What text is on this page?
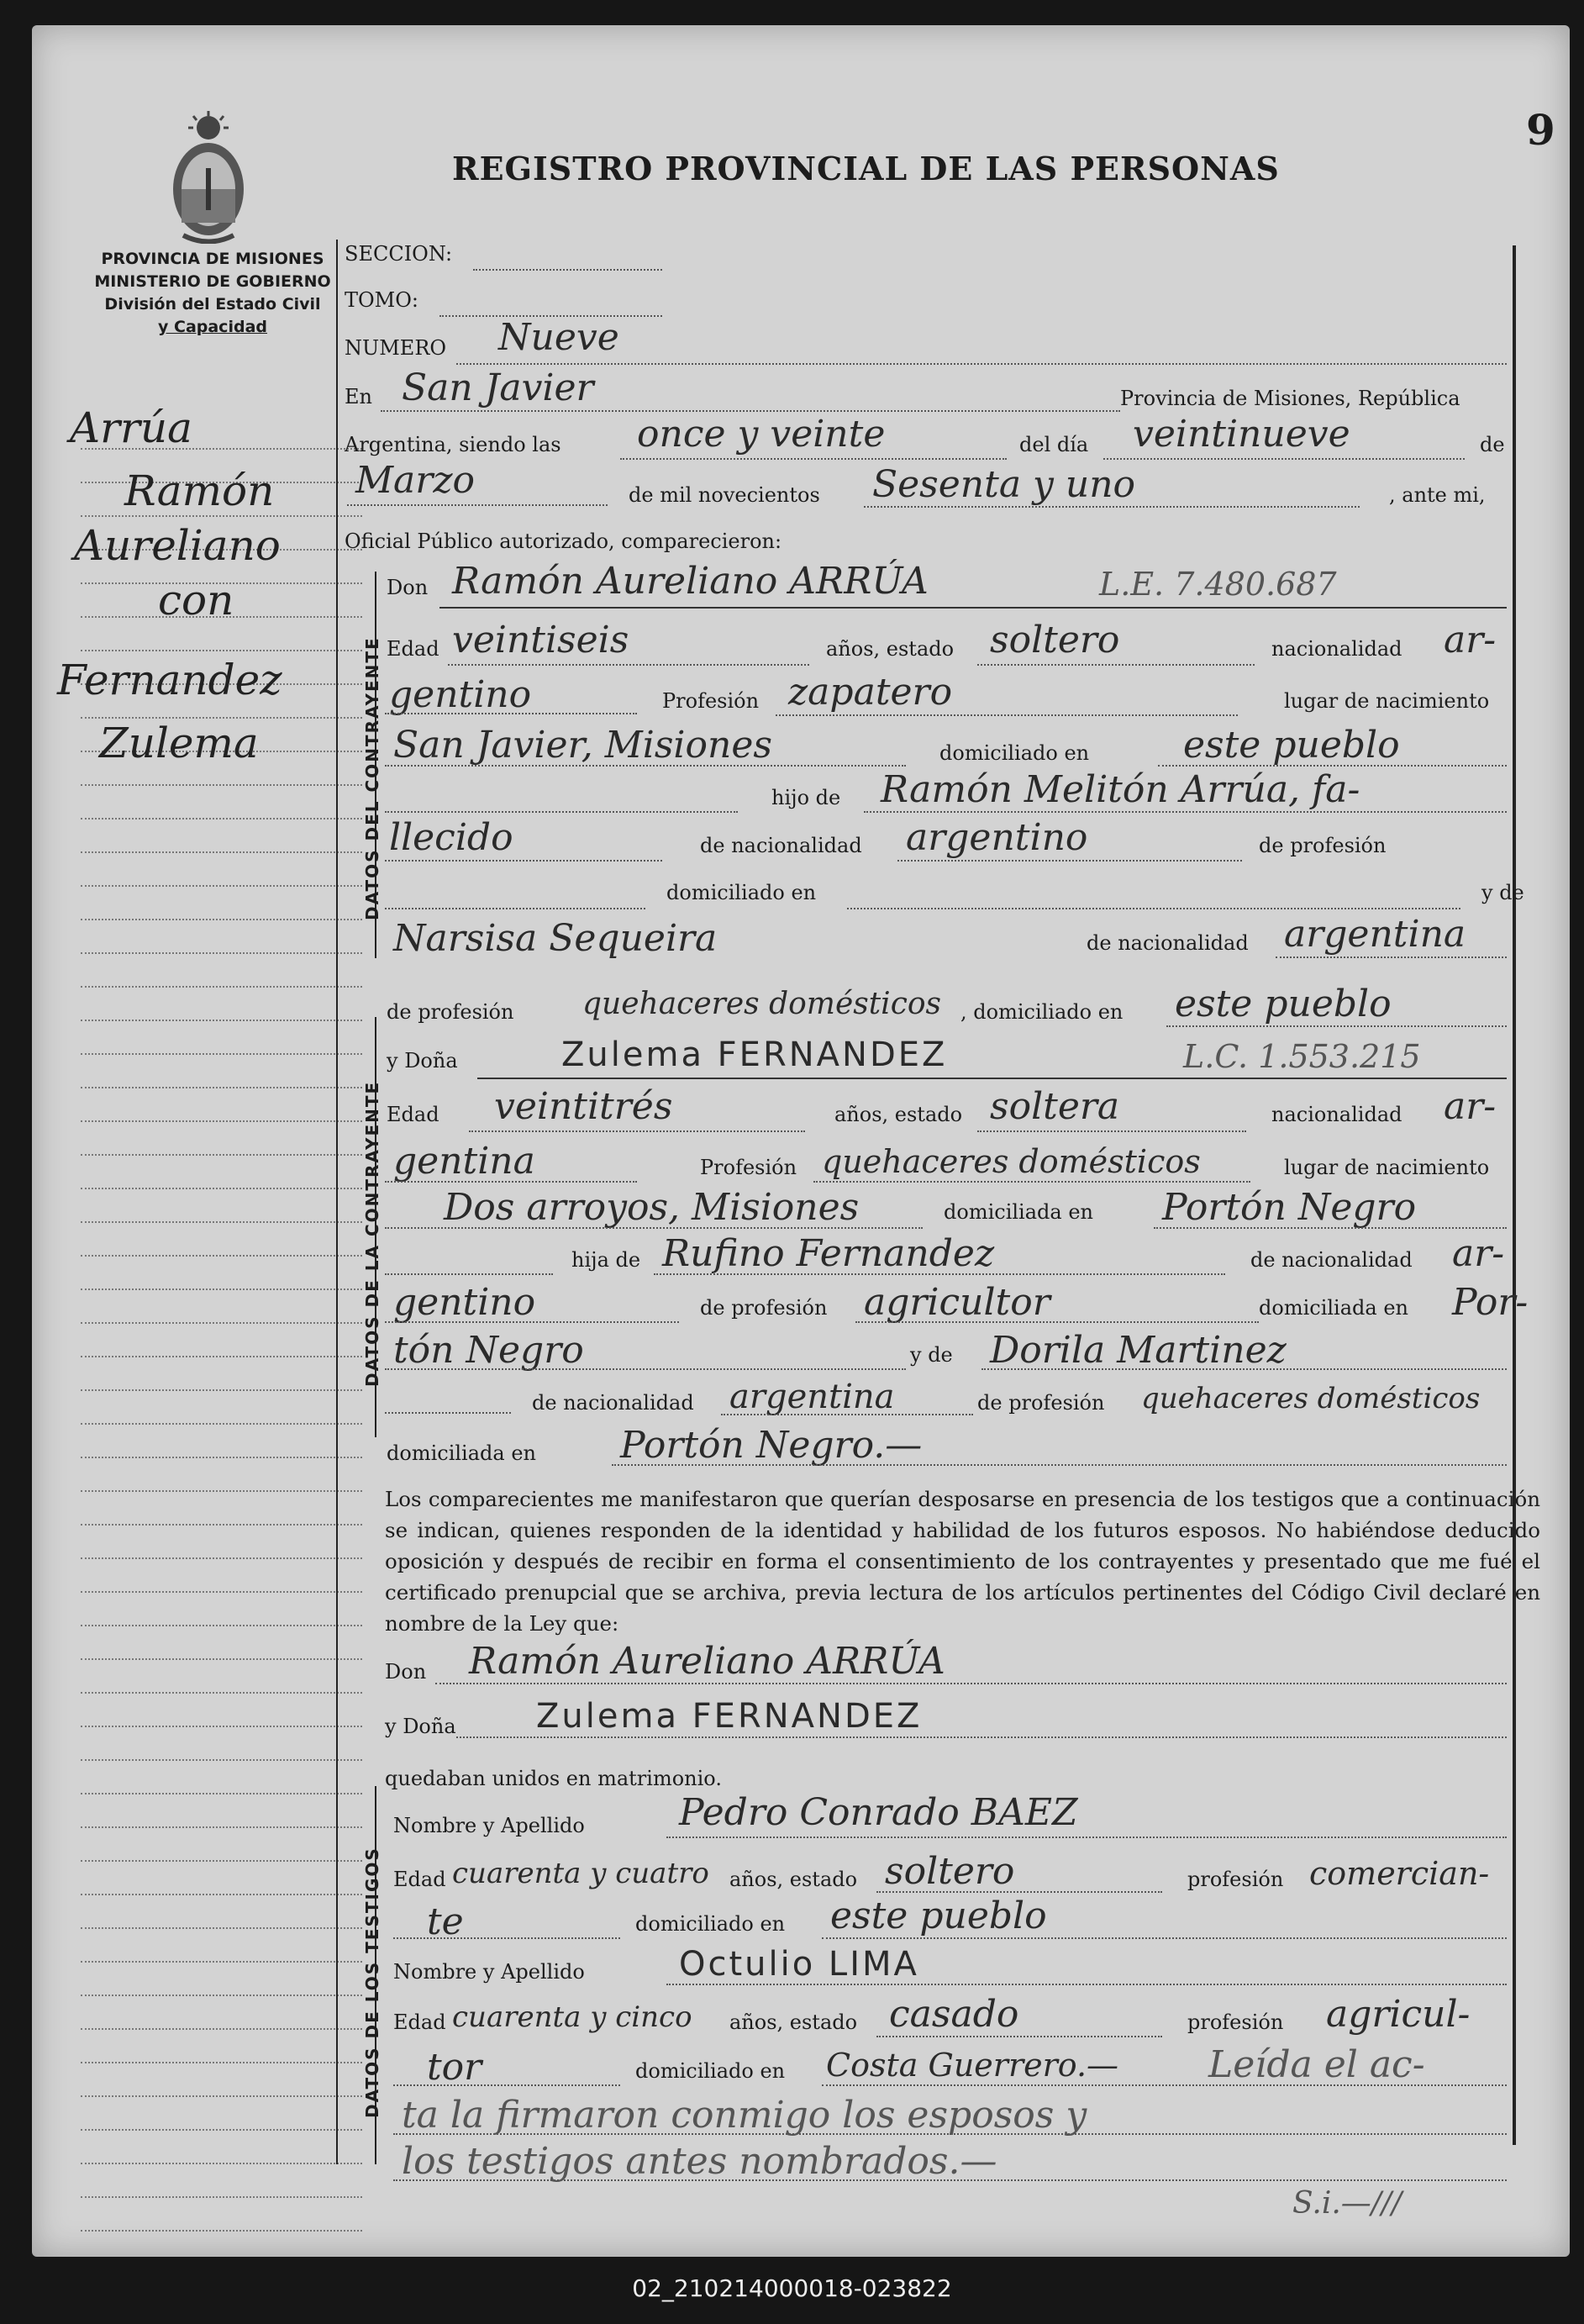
PROVINCIA DE MISIONES
MINISTERIO DE GOBIERNO
División del Estado Civil
y Capacidad
REGISTRO PROVINCIAL DE LAS PERSONAS
9
Arrúa
Ramón
Aureliano
con
Fernandez
Zulema	DATOS DEL CONTRAYENTE
DATOS DE LA CONTRAYENTE
DATOS DE LOS TESTIGOS
SECCION:
TOMO:
NUMERO Nueve
En San Javier	Provincia de Misiones, República
Argentina, siendo las once y veinte	del día veintinueve	de
Marzo	de mil novecientos Sesenta y uno	, ante mi,
Oficial Público autorizado, comparecieron:
Don Ramón Aureliano ARRÚA	L.E. 7.480.687
Edad veintiseis	años, estado soltero	nacionalidad ar-
gentino	Profesión zapatero	lugar de nacimiento
San Javier, Misiones	domiciliado en	este pueblo
hijo de Ramón Melitón Arrúa, fa-
llecido	de nacionalidad argentino	de profesión
domiciliado en	y de
Narsisa Sequeira	de nacionalidad argentina
de profesión quehaceres domésticos , domiciliado en este pueblo
y Doña	Zulema FERNANDEZ	L.C. 1.553.215
Edad veintitrés	años, estado soltera	nacionalidad ar-
gentina	Profesión quehaceres domésticos	lugar de nacimiento
Dos arroyos, Misiones	domiciliada en Portón Negro
hija de Rufino Fernandez	de nacionalidad ar-
gentino	de profesión agricultor	domiciliada en Por-
tón Negro	y de Dorila Martinez
de nacionalidad argentina	de profesión quehaceres domésticos
domiciliada en Portón Negro.—
Los comparecientes me manifestaron que querían desposarse en presencia de los testigos que a continuación se indican, quienes responden de la identidad y habilidad de los futuros esposos. No habiéndose deducido oposición y después de recibir en forma el consentimiento de los contrayentes y presentado que me fué el certificado prenupcial que se archiva, previa lectura de los artículos pertinentes del Código Civil declaré en nombre de la Ley que:
Don Ramón Aureliano ARRÚA
y Doña Zulema FERNANDEZ
quedaban unidos en matrimonio.
Nombre y Apellido	Pedro Conrado BAEZ
Edad cuarenta y cuatro años, estado soltero	profesión comercian-
te	domiciliado en este pueblo
Nombre y Apellido	Octulio LIMA
Edad cuarenta y cinco años, estado casado	profesión agricul-
tor	domiciliado en Costa Guerrero.— Leída el ac-
ta la firmaron conmigo los esposos y
los testigos antes nombrados.—
S.i.—///
02_210214000018-023822
